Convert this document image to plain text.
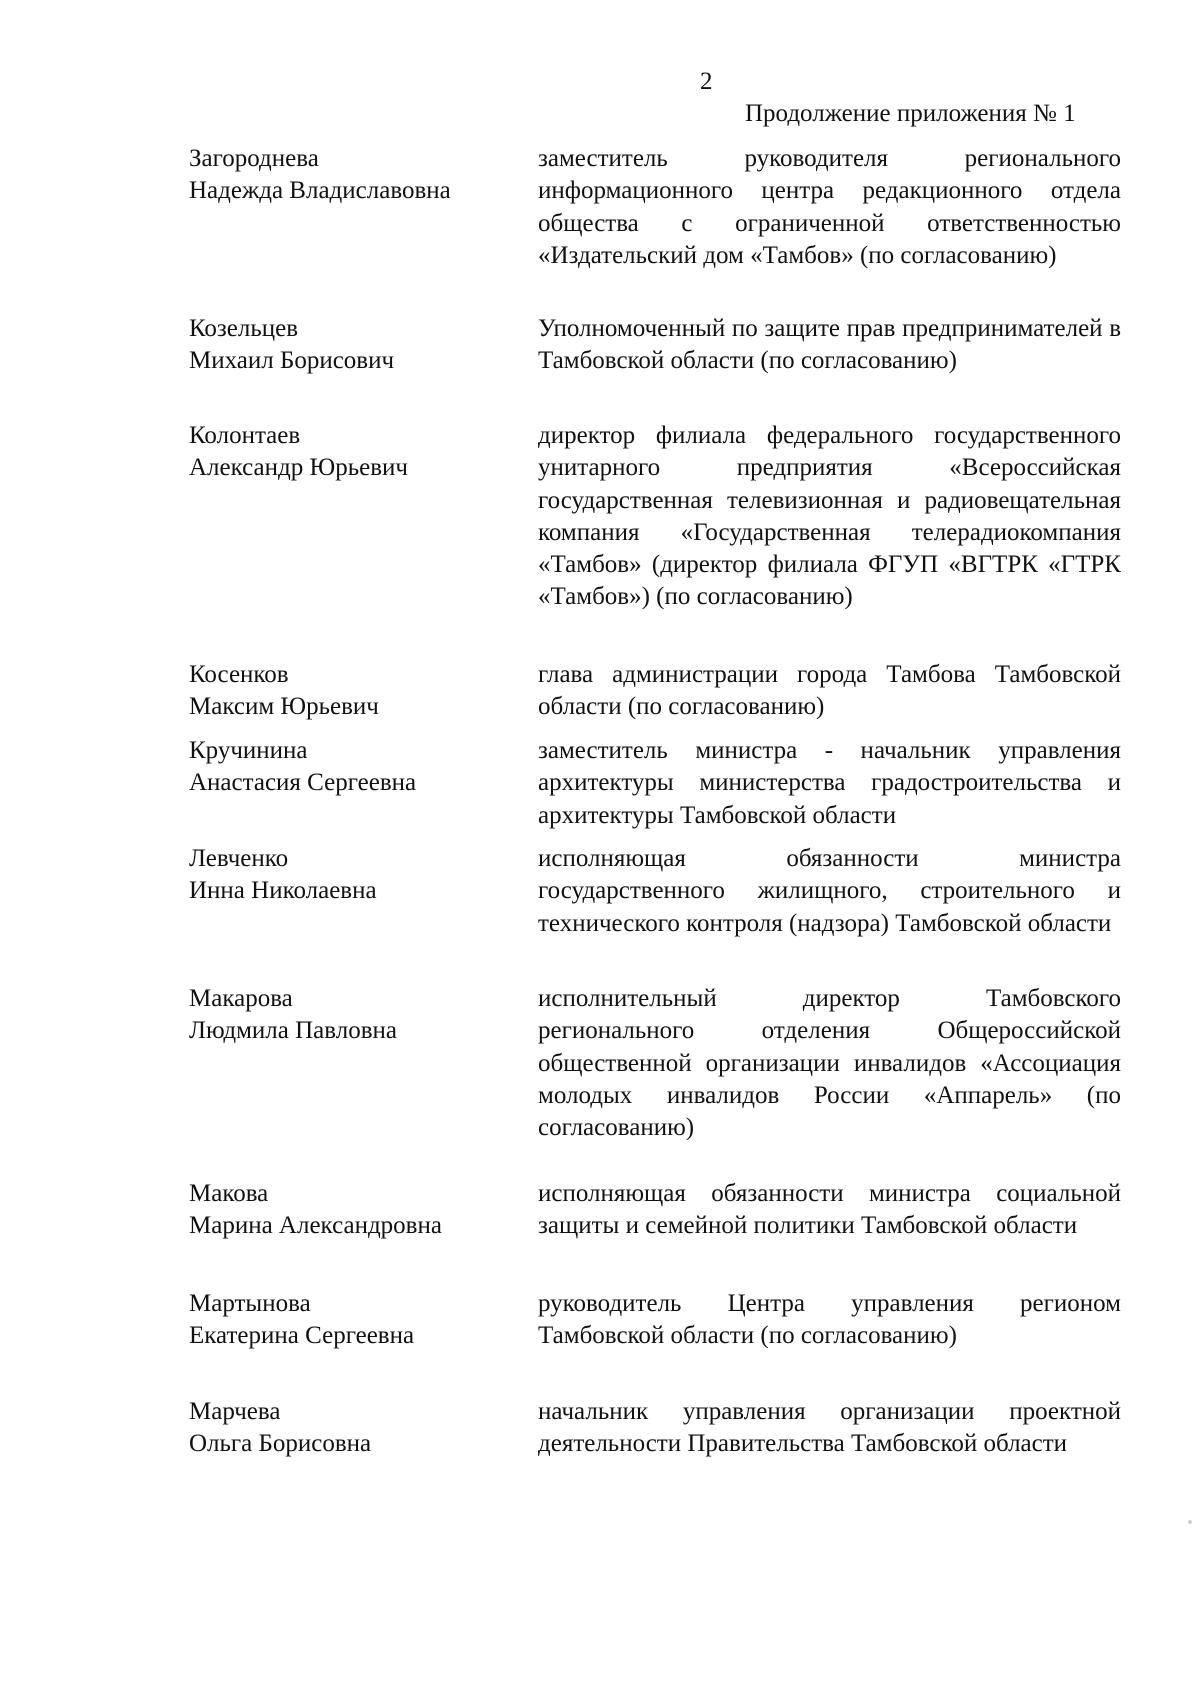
2
Продолжение приложения № 1
Загороднева
Надежда Владиславовна
заместитель руководителя регионального информационного центра редакционного отдела общества с ограниченной ответственностью «Издательский дом «Тамбов» (по согласованию)
Козельцев
Михаил Борисович
Уполномоченный по защите прав предпринимателей в Тамбовской области (по согласованию)
Колонтаев
Александр Юрьевич
директор филиала федерального государственного унитарного предприятия «Всероссийская государственная телевизионная и радиовещательная компания «Государственная телерадиокомпания «Тамбов» (директор филиала ФГУП «ВГТРК «ГТРК «Тамбов») (по согласованию)
Косенков
Максим Юрьевич
глава администрации города Тамбова Тамбовской области (по согласованию)
Кручинина
Анастасия Сергеевна
заместитель министра - начальник управления архитектуры министерства градостроительства и архитектуры Тамбовской области
Левченко
Инна Николаевна
исполняющая обязанности министра государственного жилищного, строительного и технического контроля (надзора) Тамбовской области
Макарова
Людмила Павловна
исполнительный директор Тамбовского регионального отделения Общероссийской общественной организации инвалидов «Ассоциация молодых инвалидов России «Аппарель» (по согласованию)
Макова
Марина Александровна
исполняющая обязанности министра социальной защиты и семейной политики Тамбовской области
Мартынова
Екатерина Сергеевна
руководитель Центра управления регионом Тамбовской области (по согласованию)
Марчева
Ольга Борисовна
начальник управления организации проектной деятельности Правительства Тамбовской области
